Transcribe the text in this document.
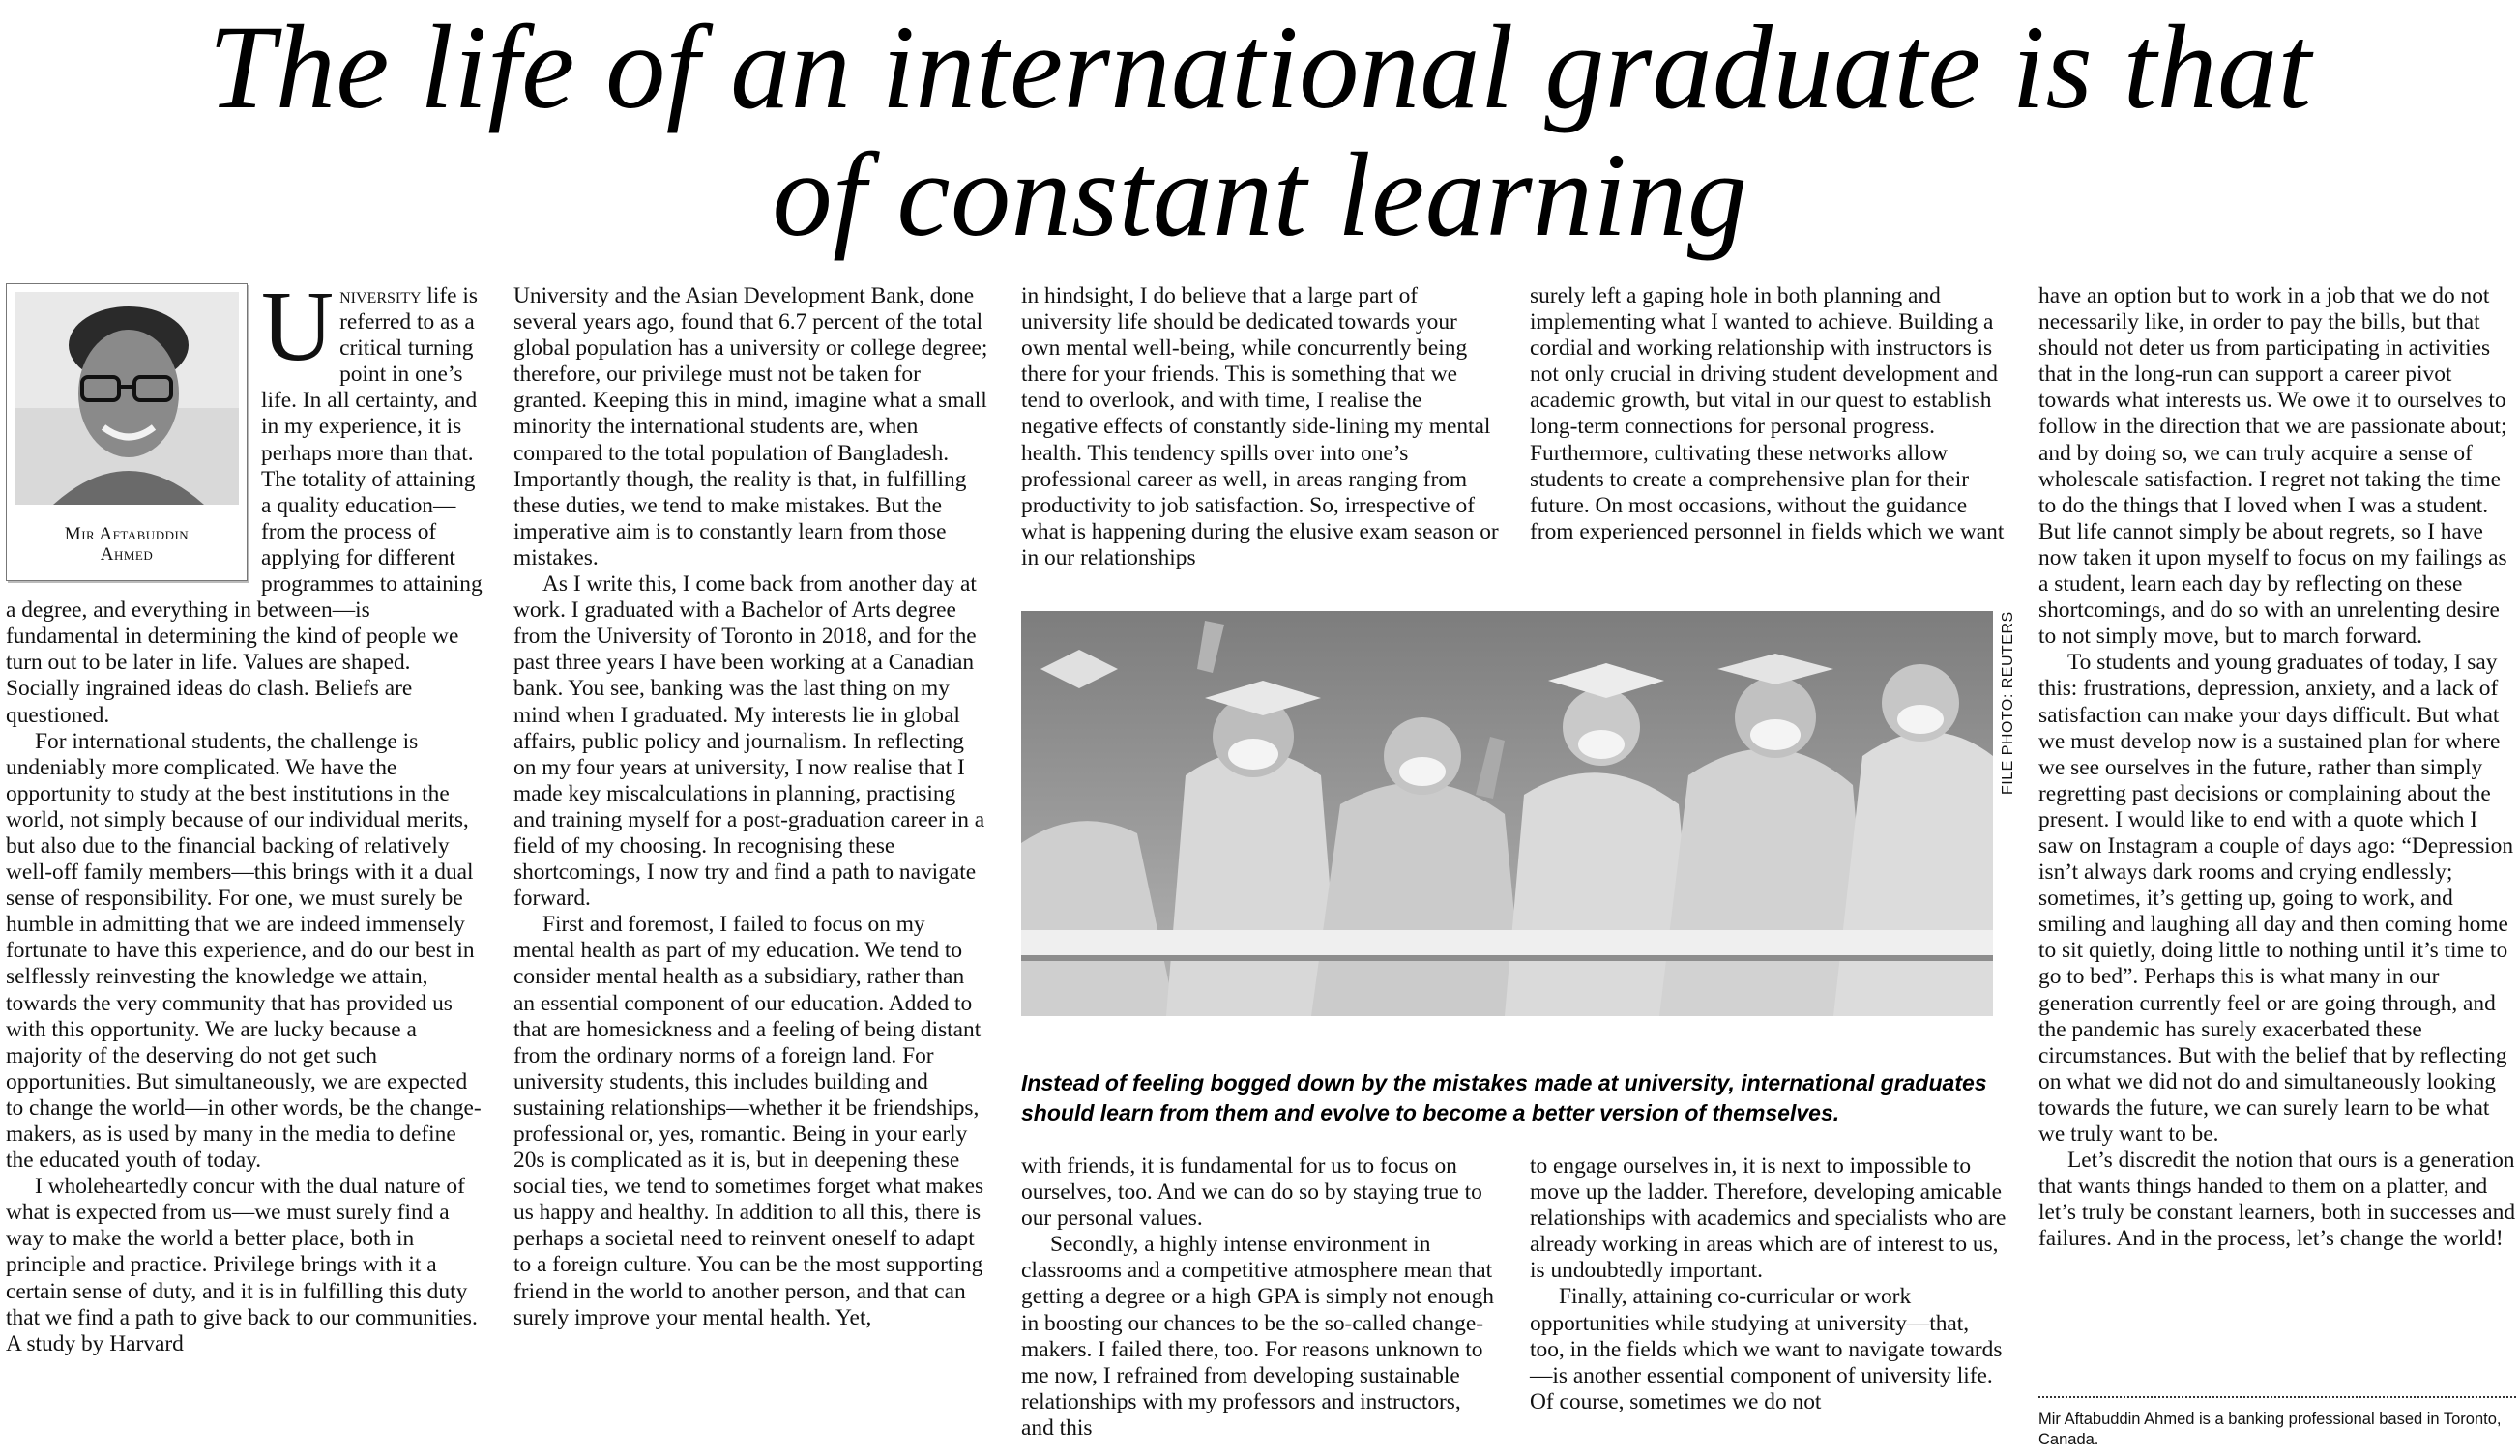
The life of an international graduate is that
of constant learning
Mir Aftabuddin
Ahmed

University life is referred to as a critical turning point in one’s life. In all certainty, and in my experience, it is perhaps more than that. The totality of attaining a quality education—from the process of applying for different programmes to attaining a degree, and everything in between—is fundamental in determining the kind of people we turn out to be later in life. Values are shaped. Socially ingrained ideas do clash. Beliefs are questioned.

For international students, the challenge is undeniably more complicated. We have the opportunity to study at the best institutions in the world, not simply because of our individual merits, but also due to the financial backing of relatively well-off family members—this brings with it a dual sense of responsibility. For one, we must surely be humble in admitting that we are indeed immensely fortunate to have this experience, and do our best in selflessly reinvesting the knowledge we attain, towards the very community that has provided us with this opportunity. We are lucky because a majority of the deserving do not get such opportunities. But simultaneously, we are expected to change the world—in other words, be the change-makers, as is used by many in the media to define the educated youth of today.

I wholeheartedly concur with the dual nature of what is expected from us—we must surely find a way to make the world a better place, both in principle and practice. Privilege brings with it a certain sense of duty, and it is in fulfilling this duty that we find a path to give back to our communities. A study by Harvard

University and the Asian Development Bank, done several years ago, found that 6.7 percent of the total global population has a university or college degree; therefore, our privilege must not be taken for granted. Keeping this in mind, imagine what a small minority the international students are, when compared to the total population of Bangladesh. Importantly though, the reality is that, in fulfilling these duties, we tend to make mistakes. But the imperative aim is to constantly learn from those mistakes.

As I write this, I come back from another day at work. I graduated with a Bachelor of Arts degree from the University of Toronto in 2018, and for the past three years I have been working at a Canadian bank. You see, banking was the last thing on my mind when I graduated. My interests lie in global affairs, public policy and journalism. In reflecting on my four years at university, I now realise that I made key miscalculations in planning, practising and training myself for a post-graduation career in a field of my choosing. In recognising these shortcomings, I now try and find a path to navigate forward.

First and foremost, I failed to focus on my mental health as part of my education. We tend to consider mental health as a subsidiary, rather than an essential component of our education. Added to that are homesickness and a feeling of being distant from the ordinary norms of a foreign land. For university students, this includes building and sustaining relationships—whether it be friendships, professional or, yes, romantic. Being in your early 20s is complicated as it is, but in deepening these social ties, we tend to sometimes forget what makes us happy and healthy. In addition to all this, there is perhaps a societal need to reinvent oneself to adapt to a foreign culture. You can be the most supporting friend in the world to another person, and that can surely improve your mental health. Yet,

in hindsight, I do believe that a large part of university life should be dedicated towards your own mental well-being, while concurrently being there for your friends. This is something that we tend to overlook, and with time, I realise the negative effects of constantly side-lining my mental health. This tendency spills over into one’s professional career as well, in areas ranging from productivity to job satisfaction. So, irrespective of what is happening during the elusive exam season or in our relationships

surely left a gaping hole in both planning and implementing what I wanted to achieve. Building a cordial and working relationship with instructors is not only crucial in driving student development and academic growth, but vital in our quest to establish long-term connections for personal progress. Furthermore, cultivating these networks allow students to create a comprehensive plan for their future. On most occasions, without the guidance from experienced personnel in fields which we want

FILE PHOTO: REUTERS
Instead of feeling bogged down by the mistakes made at university, international graduates should learn from them and evolve to become a better version of themselves.

with friends, it is fundamental for us to focus on ourselves, too. And we can do so by staying true to our personal values.

Secondly, a highly intense environment in classrooms and a competitive atmosphere mean that getting a degree or a high GPA is simply not enough in boosting our chances to be the so-called change-makers. I failed there, too. For reasons unknown to me now, I refrained from developing sustainable relationships with my professors and instructors, and this

to engage ourselves in, it is next to impossible to move up the ladder. Therefore, developing amicable relationships with academics and specialists who are already working in areas which are of interest to us, is undoubtedly important.

Finally, attaining co-curricular or work opportunities while studying at university—that, too, in the fields which we want to navigate towards—is another essential component of university life. Of course, sometimes we do not

have an option but to work in a job that we do not necessarily like, in order to pay the bills, but that should not deter us from participating in activities that in the long-run can support a career pivot towards what interests us. We owe it to ourselves to follow in the direction that we are passionate about; and by doing so, we can truly acquire a sense of wholescale satisfaction. I regret not taking the time to do the things that I loved when I was a student. But life cannot simply be about regrets, so I have now taken it upon myself to focus on my failings as a student, learn each day by reflecting on these shortcomings, and do so with an unrelenting desire to not simply move, but to march forward.

To students and young graduates of today, I say this: frustrations, depression, anxiety, and a lack of satisfaction can make your days difficult. But what we must develop now is a sustained plan for where we see ourselves in the future, rather than simply regretting past decisions or complaining about the present. I would like to end with a quote which I saw on Instagram a couple of days ago: “Depression isn’t always dark rooms and crying endlessly; sometimes, it’s getting up, going to work, and smiling and laughing all day and then coming home to sit quietly, doing little to nothing until it’s time to go to bed”. Perhaps this is what many in our generation currently feel or are going through, and the pandemic has surely exacerbated these circumstances. But with the belief that by reflecting on what we did not do and simultaneously looking towards the future, we can surely learn to be what we truly want to be.

Let’s discredit the notion that ours is a generation that wants things handed to them on a platter, and let’s truly be constant learners, both in successes and failures. And in the process, let’s change the world!

Mir Aftabuddin Ahmed is a banking professional based in Toronto, Canada.
